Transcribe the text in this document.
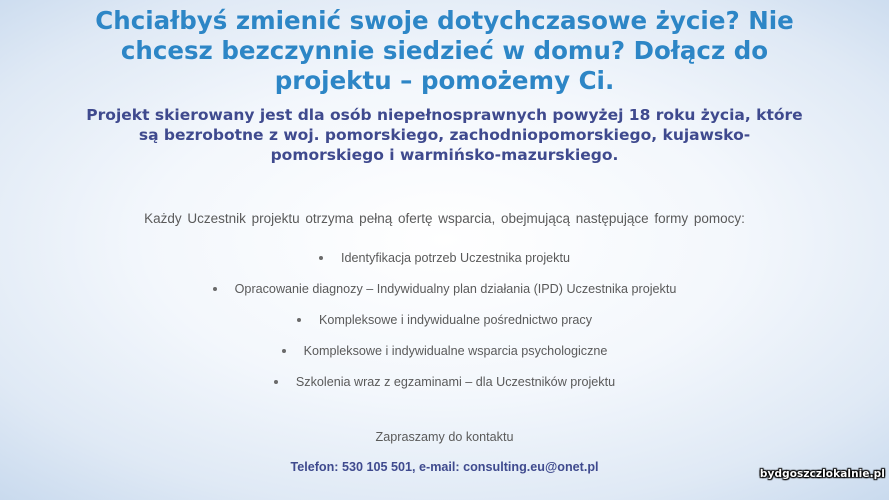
Chciałbyś zmienić swoje dotychczasowe życie? Nie
chcesz bezczynnie siedzieć w domu? Dołącz do
projektu – pomożemy Ci.
Projekt skierowany jest dla osób niepełnosprawnych powyżej 18 roku życia, które
są bezrobotne z woj. pomorskiego, zachodniopomorskiego, kujawsko-
pomorskiego i warmińsko-mazurskiego.

Każdy Uczestnik projektu otrzyma pełną ofertę wsparcia, obejmującą następujące formy pomocy:

Identyfikacja potrzeb Uczestnika projektu
Opracowanie diagnozy – Indywidualny plan działania (IPD) Uczestnika projektu
Kompleksowe i indywidualne pośrednictwo pracy
Kompleksowe i indywidualne wsparcia psychologiczne
Szkolenia wraz z egzaminami – dla Uczestników projektu

Zapraszamy do kontaktu

Telefon: 530 105 501, e-mail: consulting.eu@onet.pl	bydgoszczlokalnie.pl
